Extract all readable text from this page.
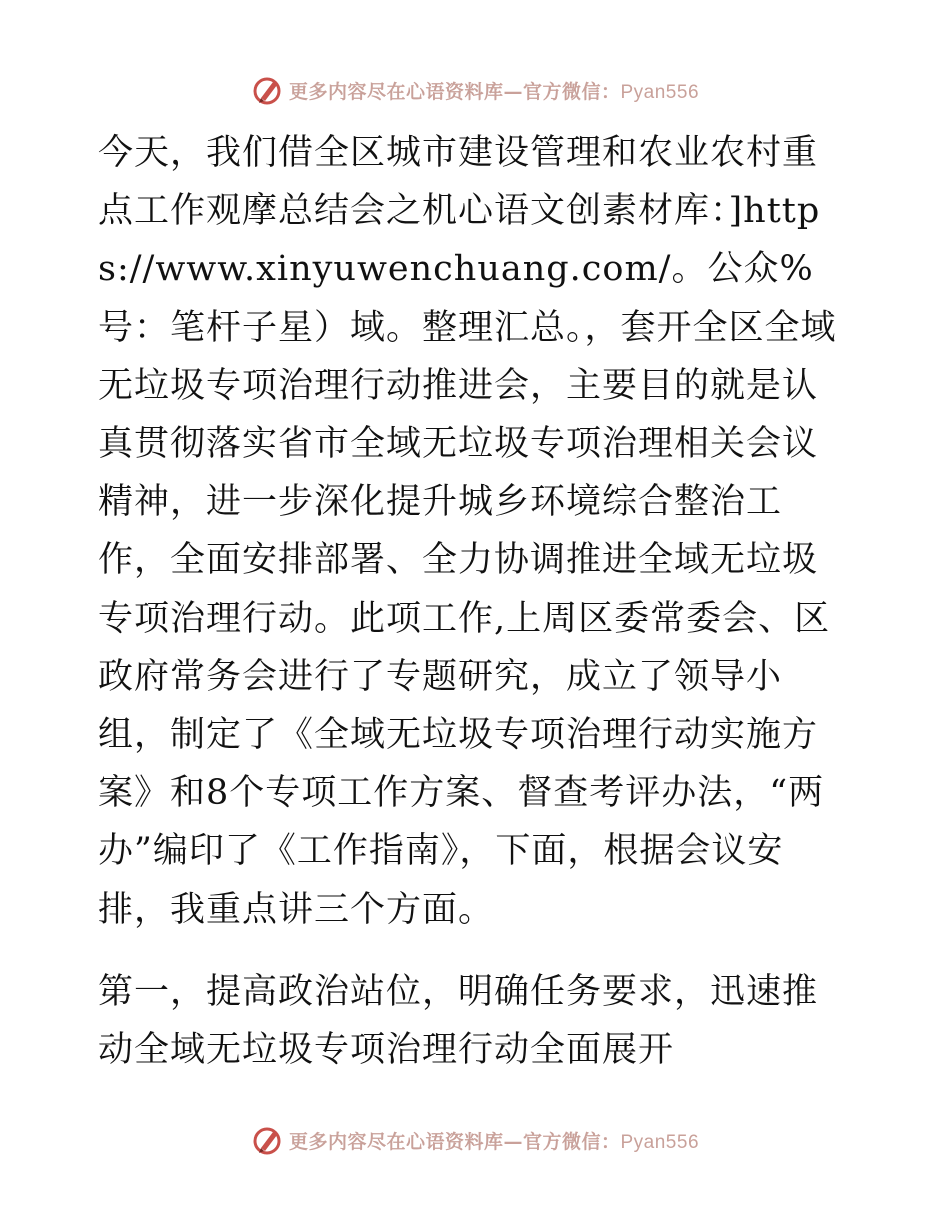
更多内容尽在心语资料库—官方微信：Pyan556

今天，我们借全区城市建设管理和农业农村重点工作观摩总结会之机心语文创素材库：]https://www.xinyuwenchuang.com/。公众%号：笔杆子星）域。整理汇总。，套开全区全域无垃圾专项治理行动推进会，主要目的就是认真贯彻落实省市全域无垃圾专项治理相关会议精神，进一步深化提升城乡环境综合整治工作，全面安排部署、全力协调推进全域无垃圾专项治理行动。此项工作,上周区委常委会、区政府常务会进行了专题研究，成立了领导小组，制定了《全域无垃圾专项治理行动实施方案》和8个专项工作方案、督查考评办法，“两办”编印了《工作指南》，下面，根据会议安排，我重点讲三个方面。

第一，提高政治站位，明确任务要求，迅速推动全域无垃圾专项治理行动全面展开

更多内容尽在心语资料库—官方微信：Pyan556
